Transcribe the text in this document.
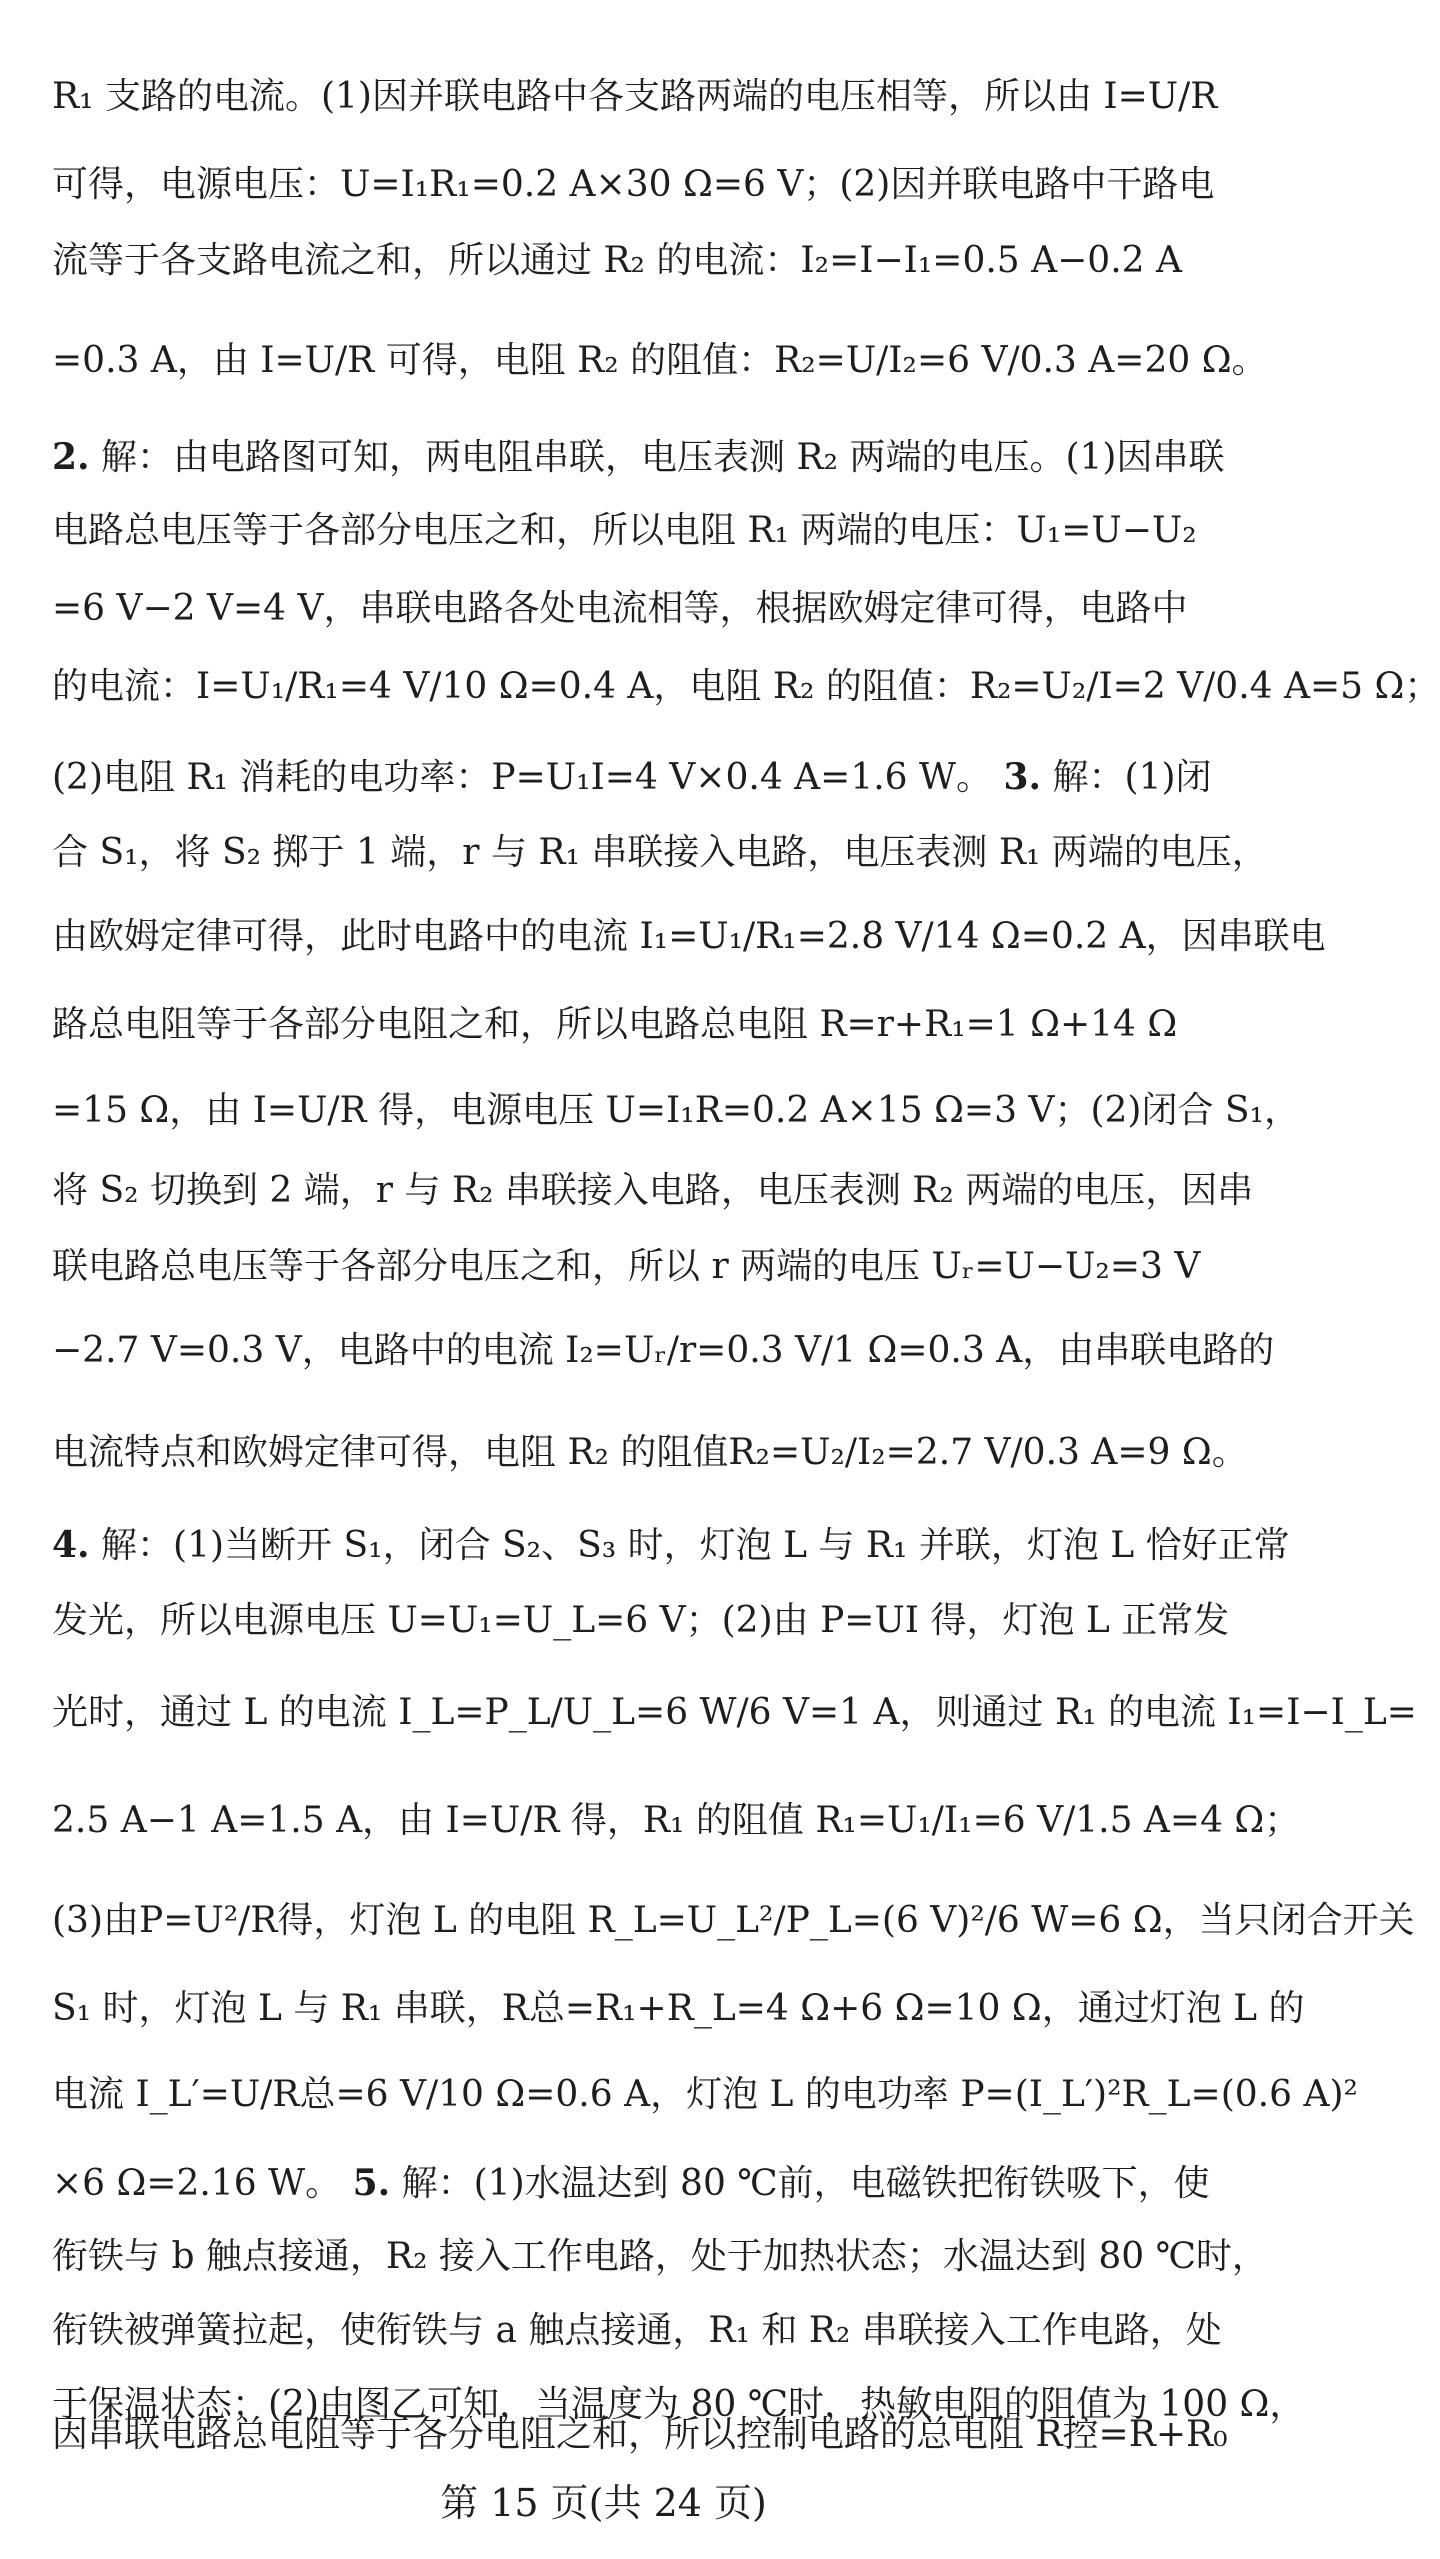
R₁ 支路的电流。(1)因并联电路中各支路两端的电压相等，所以由 I=U/R
可得，电源电压：U=I₁R₁=0.2 A×30 Ω=6 V；(2)因并联电路中干路电
流等于各支路电流之和，所以通过 R₂ 的电流：I₂=I−I₁=0.5 A−0.2 A
=0.3 A，由 I=U/R 可得，电阻 R₂ 的阻值：R₂=U/I₂=6 V/0.3 A=20 Ω。
2. 解：由电路图可知，两电阻串联，电压表测 R₂ 两端的电压。(1)因串联
电路总电压等于各部分电压之和，所以电阻 R₁ 两端的电压：U₁=U−U₂
=6 V−2 V=4 V，串联电路各处电流相等，根据欧姆定律可得，电路中
的电流：I=U₁/R₁=4 V/10 Ω=0.4 A，电阻 R₂ 的阻值：R₂=U₂/I=2 V/0.4 A=5 Ω；
(2)电阻 R₁ 消耗的电功率：P=U₁I=4 V×0.4 A=1.6 W。 3. 解：(1)闭
合 S₁，将 S₂ 掷于 1 端，r 与 R₁ 串联接入电路，电压表测 R₁ 两端的电压，
由欧姆定律可得，此时电路中的电流 I₁=U₁/R₁=2.8 V/14 Ω=0.2 A，因串联电
路总电阻等于各部分电阻之和，所以电路总电阻 R=r+R₁=1 Ω+14 Ω
=15 Ω，由 I=U/R 得，电源电压 U=I₁R=0.2 A×15 Ω=3 V；(2)闭合 S₁，
将 S₂ 切换到 2 端，r 与 R₂ 串联接入电路，电压表测 R₂ 两端的电压，因串
联电路总电压等于各部分电压之和，所以 r 两端的电压 Uᵣ=U−U₂=3 V
−2.7 V=0.3 V，电路中的电流 I₂=Uᵣ/r=0.3 V/1 Ω=0.3 A，由串联电路的
电流特点和欧姆定律可得，电阻 R₂ 的阻值R₂=U₂/I₂=2.7 V/0.3 A=9 Ω。
4. 解：(1)当断开 S₁，闭合 S₂、S₃ 时，灯泡 L 与 R₁ 并联，灯泡 L 恰好正常
发光，所以电源电压 U=U₁=U_L=6 V；(2)由 P=UI 得，灯泡 L 正常发
光时，通过 L 的电流 I_L=P_L/U_L=6 W/6 V=1 A，则通过 R₁ 的电流 I₁=I−I_L=
2.5 A−1 A=1.5 A，由 I=U/R 得，R₁ 的阻值 R₁=U₁/I₁=6 V/1.5 A=4 Ω；
(3)由P=U²/R得，灯泡 L 的电阻 R_L=U_L²/P_L=(6 V)²/6 W=6 Ω，当只闭合开关
S₁ 时，灯泡 L 与 R₁ 串联，R总=R₁+R_L=4 Ω+6 Ω=10 Ω，通过灯泡 L 的
电流 I_L′=U/R总=6 V/10 Ω=0.6 A，灯泡 L 的电功率 P=(I_L′)²R_L=(0.6 A)²
×6 Ω=2.16 W。 5. 解：(1)水温达到 80 ℃前，电磁铁把衔铁吸下，使
衔铁与 b 触点接通，R₂ 接入工作电路，处于加热状态；水温达到 80 ℃时，
衔铁被弹簧拉起，使衔铁与 a 触点接通，R₁ 和 R₂ 串联接入工作电路，处
于保温状态；(2)由图乙可知，当温度为 80 ℃时，热敏电阻的阻值为 100 Ω，
因串联电路总电阻等于各分电阻之和，所以控制电路的总电阻 R控=R+R₀
第 15 页(共 24 页)
